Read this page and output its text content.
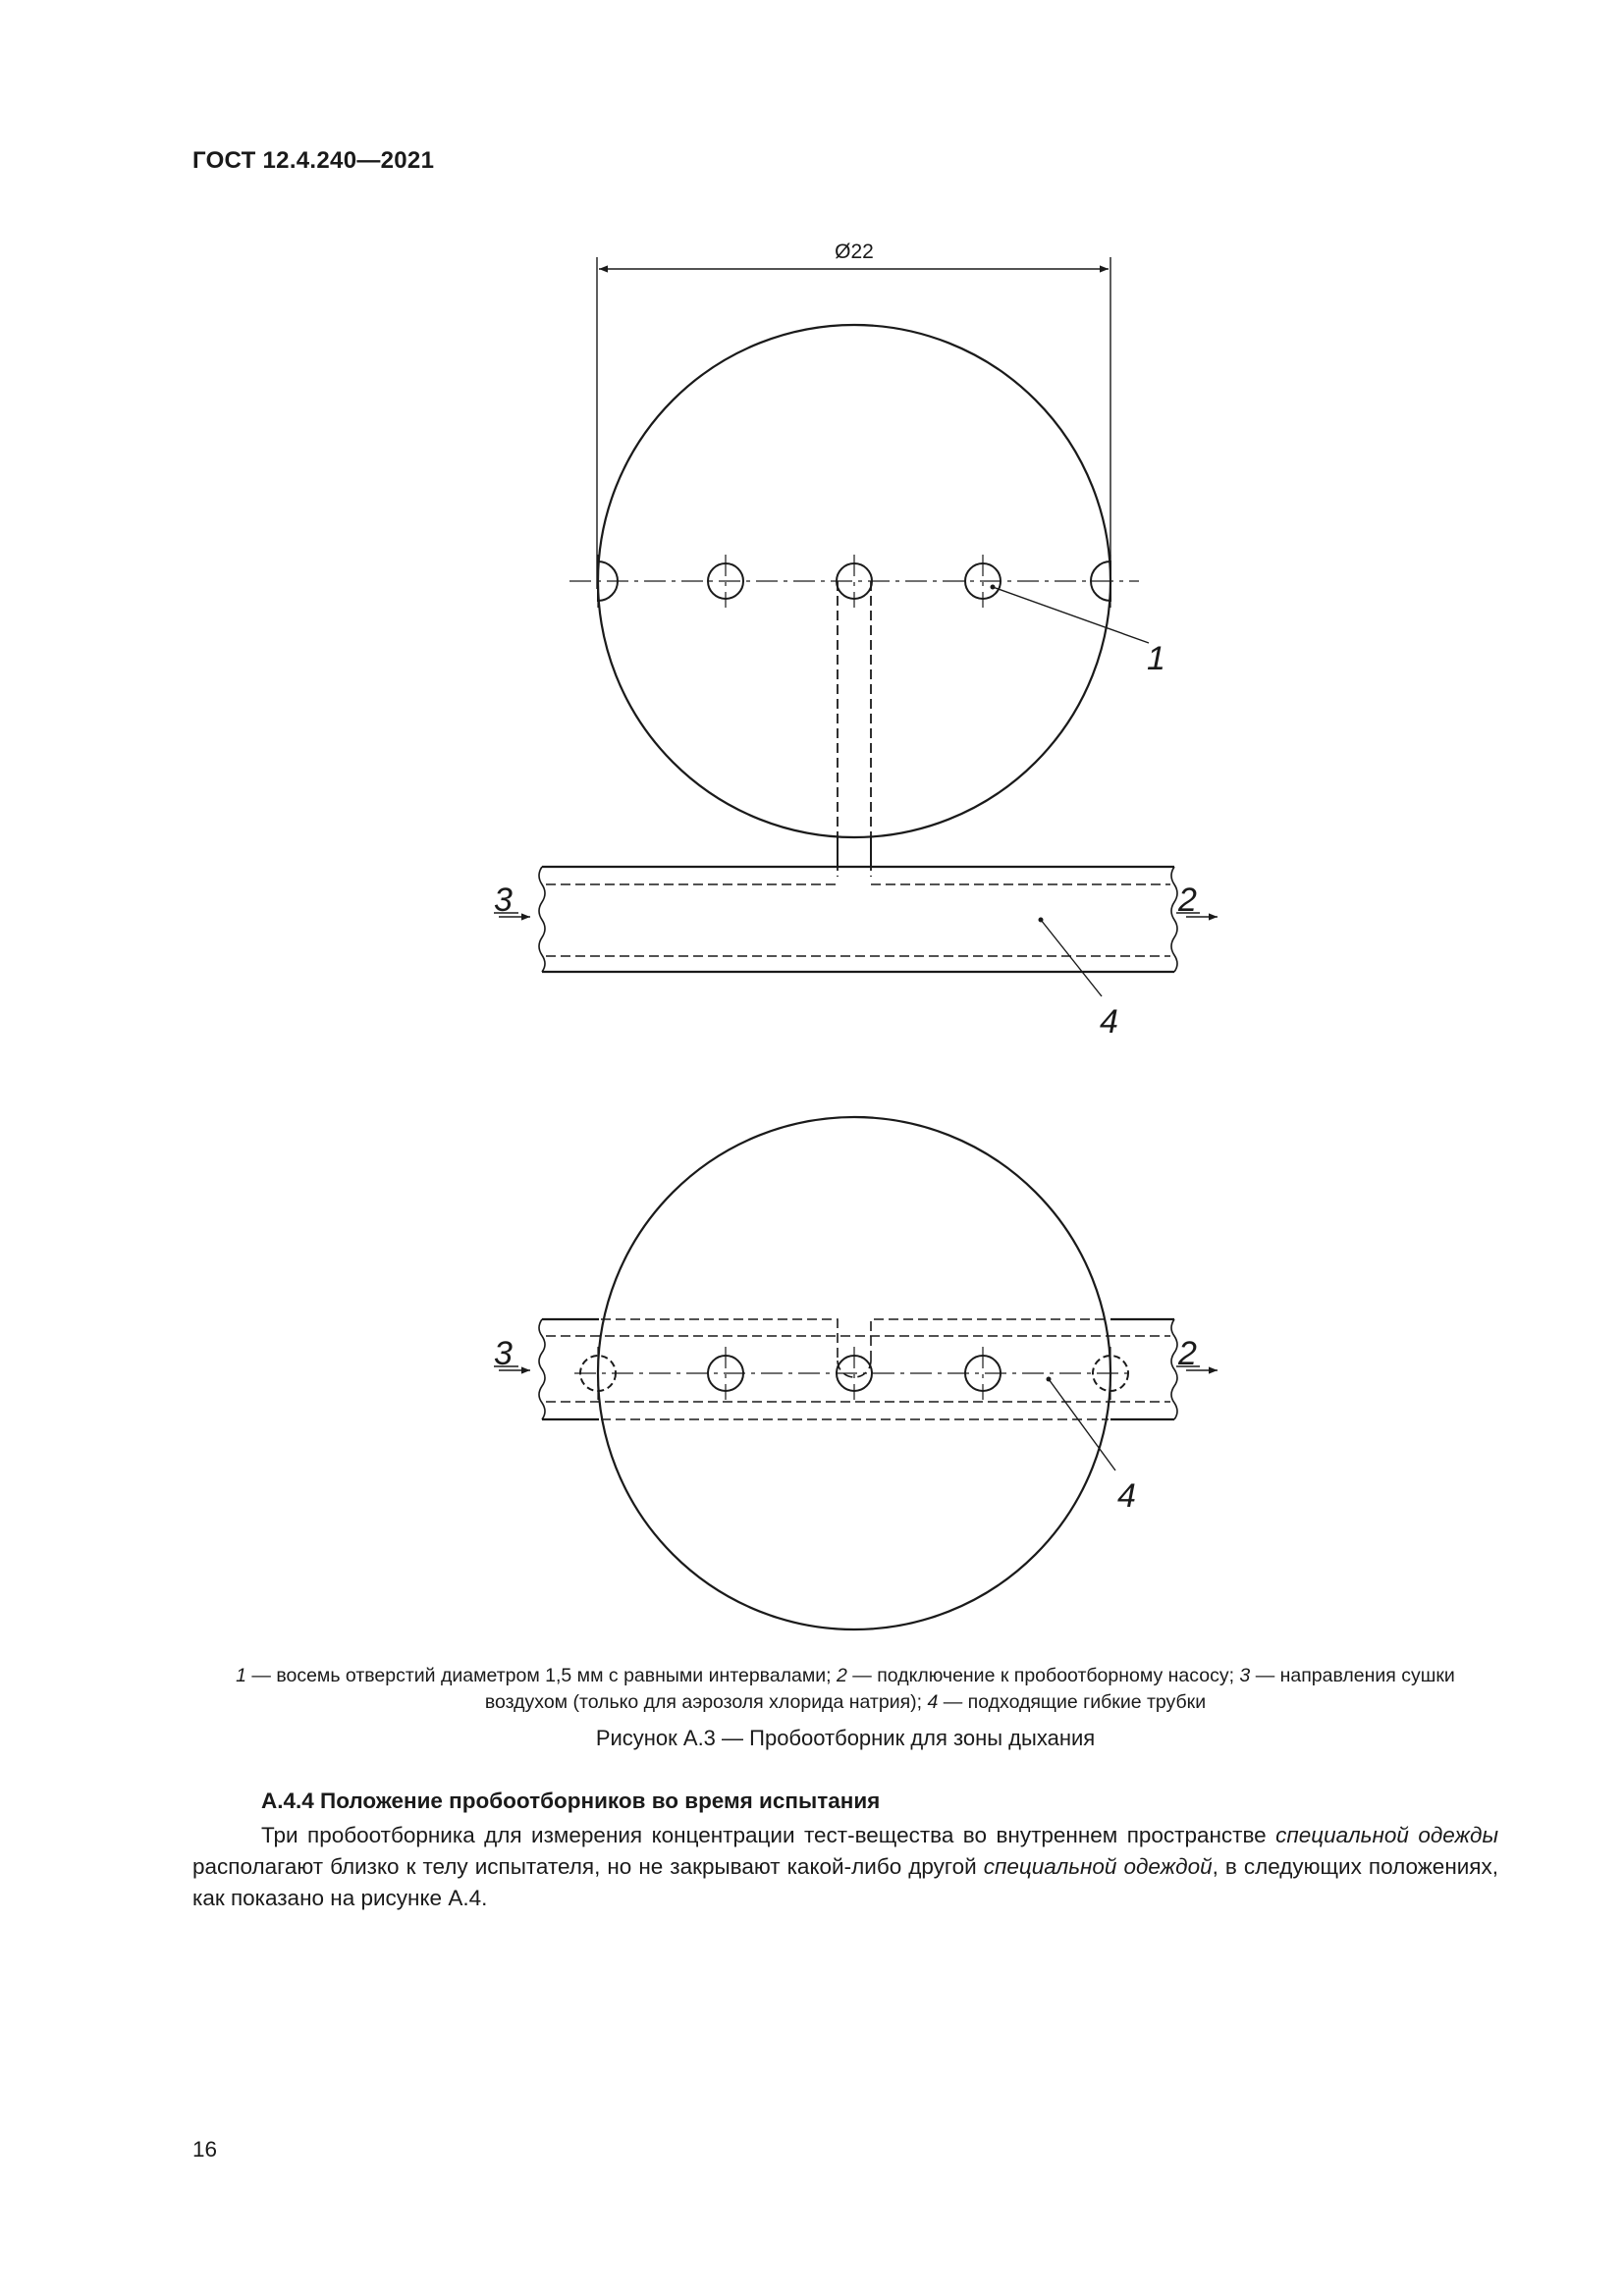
ГОСТ 12.4.240—2021
Ø22
1
3	2
4
3	2
4
1 — восемь отверстий диаметром 1,5 мм с равными интервалами; 2 — подключение к пробоотборному насосу; 3 — направления сушки воздухом (только для аэрозоля хлорида натрия); 4 — подходящие гибкие трубки
Рисунок А.3 — Пробоотборник для зоны дыхания
А.4.4 Положение пробоотборников во время испытания
Три пробоотборника для измерения концентрации тест-вещества во внутреннем пространстве специальной одежды располагают близко к телу испытателя, но не закрывают какой-либо другой специальной одеждой, в следующих положениях, как показано на рисунке А.4.
16
